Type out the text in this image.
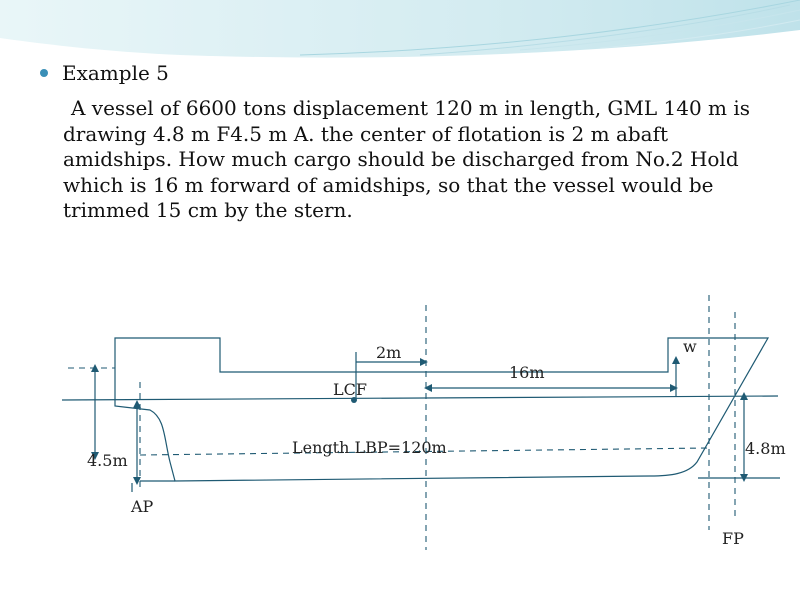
Example 5

A vessel of 6600 tons displacement 120 m in length, GML 140 m is drawing 4.8 m F4.5 m A. the center of flotation is 2 m abaft amidships. How much cargo should be discharged from No.2 Hold which is 16 m forward of amidships, so that the vessel would be trimmed 15 cm by the stern.

2m
16m
w
LCF
Length LBP=120m
4.5m
4.8m
AP
FP
